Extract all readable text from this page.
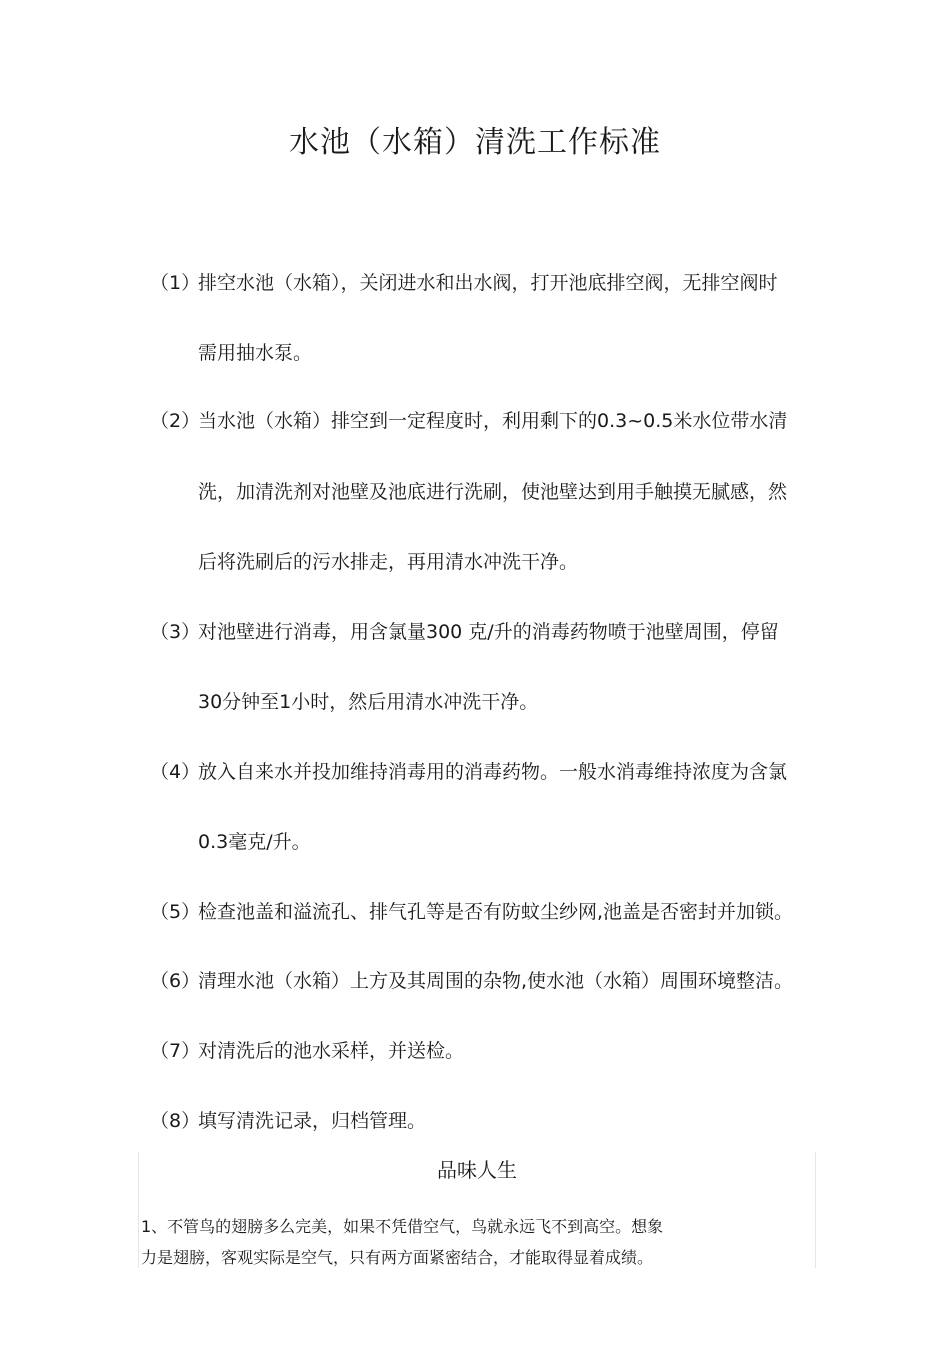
水池（水箱）清洗工作标准
（1）
排空水池（水箱），关闭进水和出水阀，打开池底排空阀，无排空阀时
需用抽水泵。
（2）
当水池（水箱）排空到一定程度时，利用剩下的0.3~0.5米水位带水清
洗，加清洗剂对池壁及池底进行洗刷，使池壁达到用手触摸无腻感，然
后将洗刷后的污水排走，再用清水冲洗干净。
（3）
对池壁进行消毒，用含氯量300 克/升的消毒药物喷于池壁周围，停留
30分钟至1小时，然后用清水冲洗干净。
（4）
放入自来水并投加维持消毒用的消毒药物。一般水消毒维持浓度为含氯
0.3毫克/升。
（5）
检查池盖和溢流孔、排气孔等是否有防蚊尘纱网,池盖是否密封并加锁。
（6）
清理水池（水箱）上方及其周围的杂物,使水池（水箱）周围环境整洁。
（7）
对清洗后的池水采样，并送检。
（8）
填写清洗记录，归档管理。
品味人生
1、不管鸟的翅膀多么完美，如果不凭借空气，鸟就永远飞不到高空。想象
力是翅膀，客观实际是空气，只有两方面紧密结合，才能取得显着成绩。
